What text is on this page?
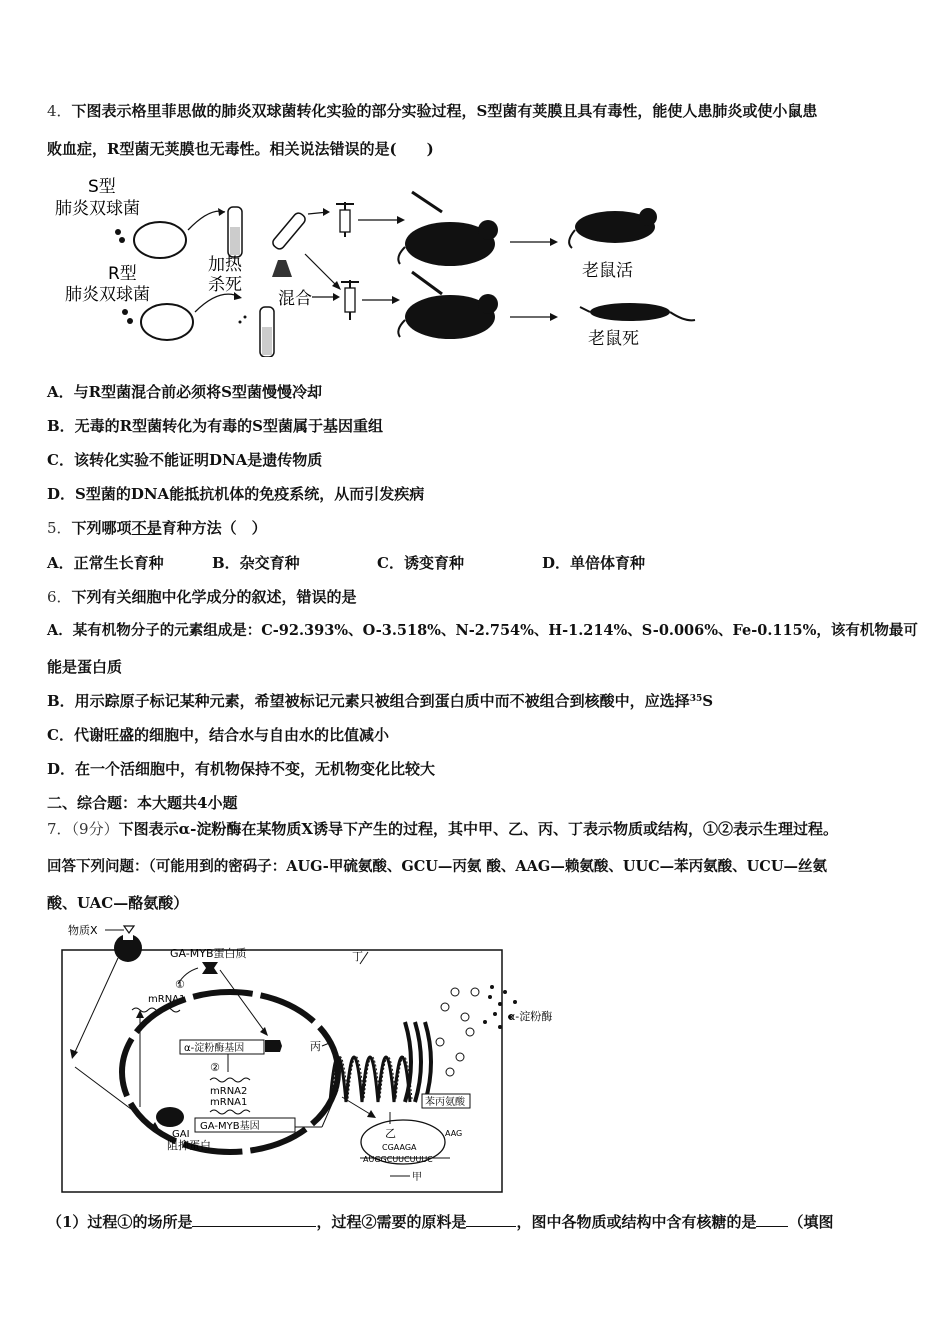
4．下图表示格里菲思做的肺炎双球菌转化实验的部分实验过程，S型菌有荚膜且具有毒性，能使人患肺炎或使小鼠患
败血症，R型菌无荚膜也无毒性。相关说法错误的是(　　)
S型
肺炎双球菌
R型
肺炎双球菌
加热
杀死
混合
老鼠活
老鼠死
A．与R型菌混合前必须将S型菌慢慢冷却
B．无毒的R型菌转化为有毒的S型菌属于基因重组
C．该转化实验不能证明DNA是遗传物质
D．S型菌的DNA能抵抗机体的免疫系统，从而引发疾病
5．下列哪项不是育种方法（　）
A．正常生长育种	B．杂交育种	C．诱变育种	D．单倍体育种
6．下列有关细胞中化学成分的叙述，错误的是
A．某有机物分子的元素组成是：C-92.393%、O-3.518%、N-2.754%、H-1.214%、S-0.006%、Fe-0.115%，该有机物最可
能是蛋白质
B．用示踪原子标记某种元素，希望被标记元素只被组合到蛋白质中而不被组合到核酸中，应选择$^{35}$S
C．代谢旺盛的细胞中，结合水与自由水的比值减小
D．在一个活细胞中，有机物保持不变，无机物变化比较大
二、综合题：本大题共4小题
7．（9分）下图表示α-淀粉酶在某物质X诱导下产生的过程，其中甲、乙、丙、丁表示物质或结构，①②表示生理过程。
回答下列问题：（可能用到的密码子：AUG-甲硫氨酸、GCU—丙氨 酸、AAG—赖氨酸、UUC—苯丙氨酸、UCU—丝氨
酸、UAC—酪氨酸）
物质X
GA-MYB蛋白质
①
mRNA1
α-淀粉酶基因
②
mRNA2
mRNA1
GA-MYB基因
GAI
阻抑蛋白
丙
乙
丁
α-淀粉酶
苯丙氨酸
CGAAGA
AAG
AUGGCUUCUUUC
甲
（1）过程①的场所是	，过程②需要的原料是	，图中各物质或结构中含有核糖的是 （填图
